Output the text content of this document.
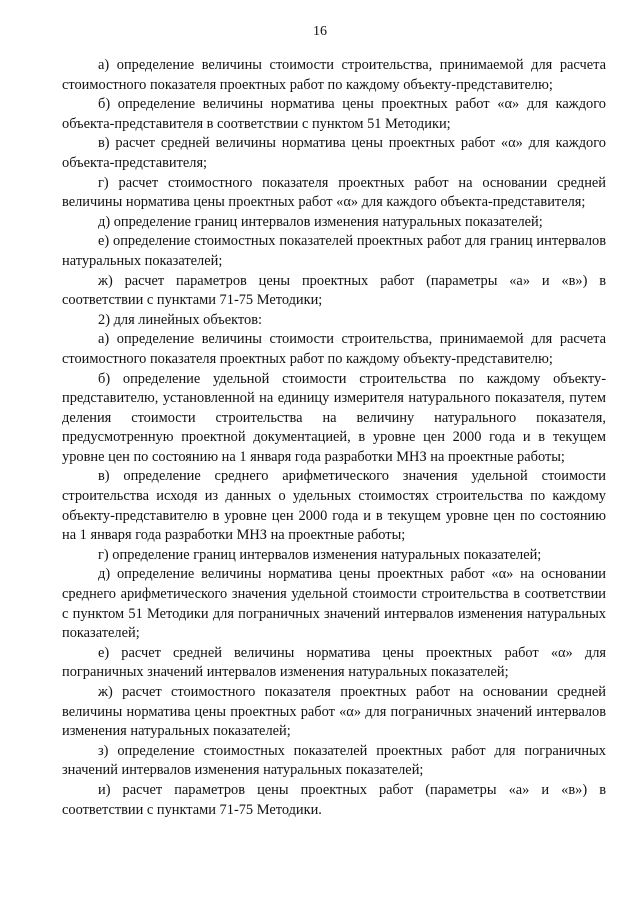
16

а) определение величины стоимости строительства, принимаемой для расчета стоимостного показателя проектных работ по каждому объекту-представителю;

б) определение величины норматива цены проектных работ «α» для каждого объекта-представителя в соответствии с пунктом 51 Методики;

в) расчет средней величины норматива цены проектных работ «α» для каждого объекта-представителя;

г) расчет стоимостного показателя проектных работ на основании средней величины норматива цены проектных работ «α» для каждого объекта-представителя;

д) определение границ интервалов изменения натуральных показателей;

е) определение стоимостных показателей проектных работ для границ интервалов натуральных показателей;

ж) расчет параметров цены проектных работ (параметры «а» и «в») в соответствии с пунктами 71-75 Методики;

2) для линейных объектов:

а) определение величины стоимости строительства, принимаемой для расчета стоимостного показателя проектных работ по каждому объекту-представителю;

б) определение удельной стоимости строительства по каждому объекту-представителю, установленной на единицу измерителя натурального показателя, путем деления стоимости строительства на величину натурального показателя, предусмотренную проектной документацией, в уровне цен 2000 года и в текущем уровне цен по состоянию на 1 января года разработки МНЗ на проектные работы;

в) определение среднего арифметического значения удельной стоимости строительства исходя из данных о удельных стоимостях строительства по каждому объекту-представителю в уровне цен 2000 года и в текущем уровне цен по состоянию на 1 января года разработки МНЗ на проектные работы;

г) определение границ интервалов изменения натуральных показателей;

д) определение величины норматива цены проектных работ «α» на основании среднего арифметического значения удельной стоимости строительства в соответствии с пунктом 51 Методики для пограничных значений интервалов изменения натуральных показателей;

е) расчет средней величины норматива цены проектных работ «α» для пограничных значений интервалов изменения натуральных показателей;

ж) расчет стоимостного показателя проектных работ на основании средней величины норматива цены проектных работ «α» для пограничных значений интервалов изменения натуральных показателей;

з) определение стоимостных показателей проектных работ для пограничных значений интервалов изменения натуральных показателей;

и) расчет параметров цены проектных работ (параметры «а» и «в») в соответствии с пунктами 71-75 Методики.
